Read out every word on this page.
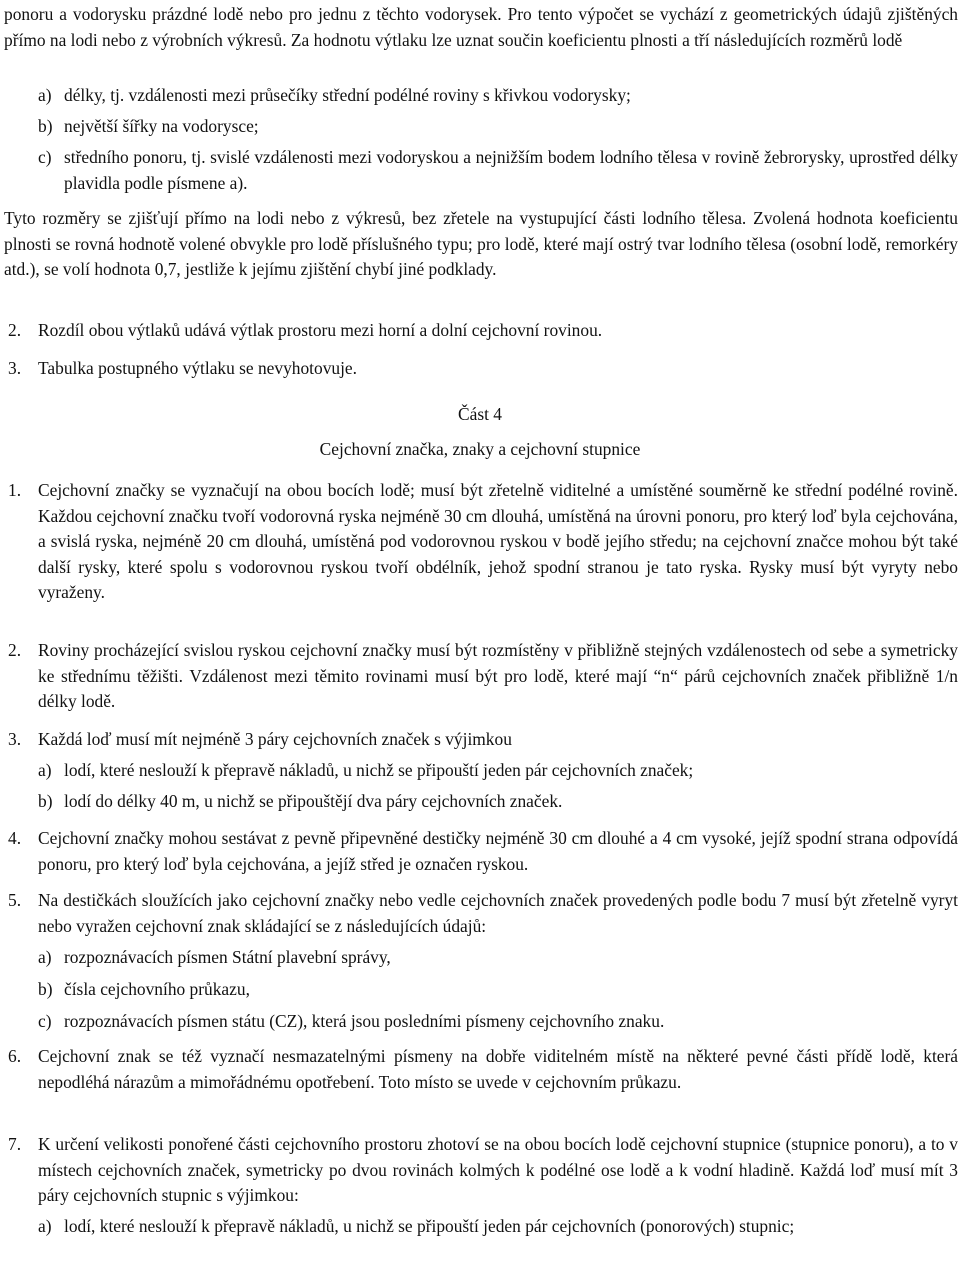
ponoru a vodorysku prázdné lodě nebo pro jednu z těchto vodorysek. Pro tento výpočet se vychází z geometrických údajů zjištěných přímo na lodi nebo z výrobních výkresů. Za hodnotu výtlaku lze uznat součin koeficientu plnosti a tří následujících rozměrů lodě
a) délky, tj. vzdálenosti mezi průsečíky střední podélné roviny s křivkou vodorysky;
b) největší šířky na vodorysce;
c) středního ponoru, tj. svislé vzdálenosti mezi vodoryskou a nejnižším bodem lodního tělesa v rovině žebrorysky, uprostřed délky plavidla podle písmene a).
Tyto rozměry se zjišťují přímo na lodi nebo z výkresů, bez zřetele na vystupující části lodního tělesa. Zvolená hodnota koeficientu plnosti se rovná hodnotě volené obvykle pro lodě příslušného typu; pro lodě, které mají ostrý tvar lodního tělesa (osobní lodě, remorkéry atd.), se volí hodnota 0,7, jestliže k jejímu zjištění chybí jiné podklady.
2. Rozdíl obou výtlaků udává výtlak prostoru mezi horní a dolní cejchovní rovinou.
3. Tabulka postupného výtlaku se nevyhotovuje.
Část 4
Cejchovní značka, znaky a cejchovní stupnice
1. Cejchovní značky se vyznačují na obou bocích lodě; musí být zřetelně viditelné a umístěné souměrně ke střední podélné rovině. Každou cejchovní značku tvoří vodorovná ryska nejméně 30 cm dlouhá, umístěná na úrovni ponoru, pro který loď byla cejchována, a svislá ryska, nejméně 20 cm dlouhá, umístěná pod vodorovnou ryskou v bodě jejího středu; na cejchovní značce mohou být také další rysky, které spolu s vodorovnou ryskou tvoří obdélník, jehož spodní stranou je tato ryska. Rysky musí být vyryty nebo vyraženy.
2. Roviny procházející svislou ryskou cejchovní značky musí být rozmístěny v přibližně stejných vzdálenostech od sebe a symetricky ke střednímu těžišti. Vzdálenost mezi těmito rovinami musí být pro lodě, které mají “n“ párů cejchovních značek přibližně 1/n délky lodě.
3. Každá loď musí mít nejméně 3 páry cejchovních značek s výjimkou
a) lodí, které neslouží k přepravě nákladů, u nichž se připouští jeden pár cejchovních značek;
b) lodí do délky 40 m, u nichž se připouštějí dva páry cejchovních značek.
4. Cejchovní značky mohou sestávat z pevně připevněné destičky nejméně 30 cm dlouhé a 4 cm vysoké, jejíž spodní strana odpovídá ponoru, pro který loď byla cejchována, a jejíž střed je označen ryskou.
5. Na destičkách sloužících jako cejchovní značky nebo vedle cejchovních značek provedených podle bodu 7 musí být zřetelně vyryt nebo vyražen cejchovní znak skládající se z následujících údajů:
a) rozpoznávacích písmen Státní plavební správy,
b) čísla cejchovního průkazu,
c) rozpoznávacích písmen státu (CZ), která jsou posledními písmeny cejchovního znaku.
6. Cejchovní znak se též vyznačí nesmazatelnými písmeny na dobře viditelném místě na některé pevné části přídě lodě, která nepodléhá nárazům a mimořádnému opotřebení. Toto místo se uvede v cejchovním průkazu.
7. K určení velikosti ponořené části cejchovního prostoru zhotoví se na obou bocích lodě cejchovní stupnice (stupnice ponoru), a to v místech cejchovních značek, symetricky po dvou rovinách kolmých k podélné ose lodě a k vodní hladině. Každá loď musí mít 3 páry cejchovních stupnic s výjimkou:
a) lodí, které neslouží k přepravě nákladů, u nichž se připouští jeden pár cejchovních (ponorových) stupnic;
